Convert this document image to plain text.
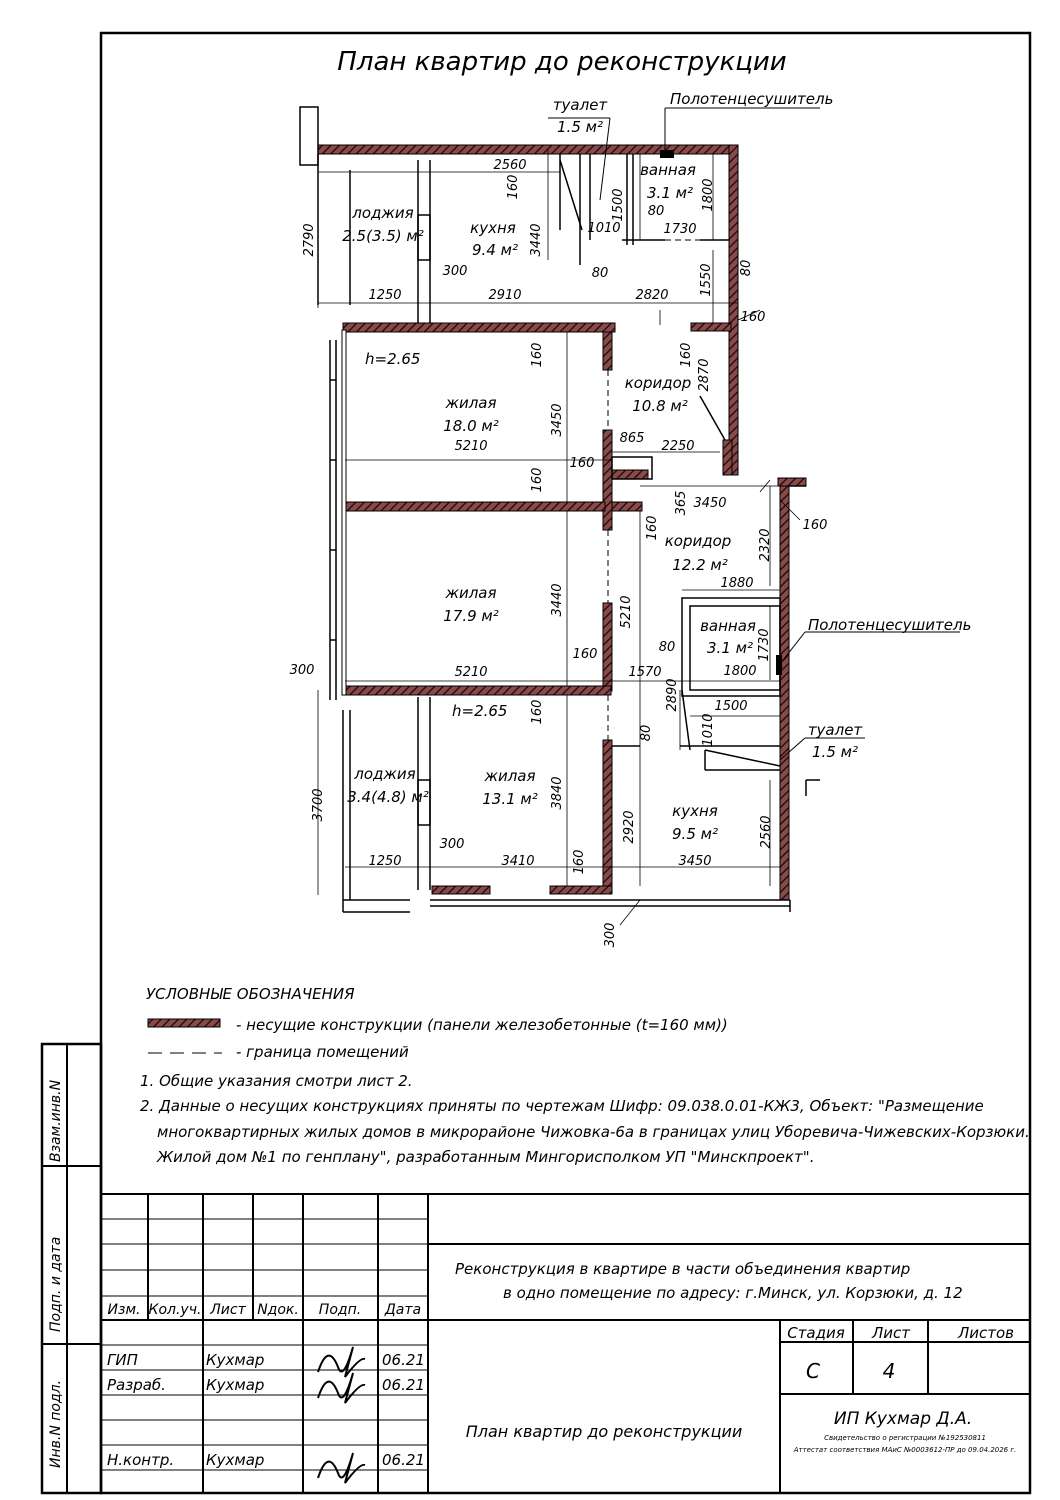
План квартир до реконструкции
Полотенцесушитель
Полотенцесушитель
туалет
1.5 м²
ванная
3.1 м²
лоджия
2.5(3.5) м²	кухня
9.4 м²
коридор
10.8 м²
жилая
18.0 м²
жилая
17.9 м²
коридор
12.2 м²
ванная
3.1 м²
туалет
1.5 м²
лоджия
3.4(4.8) м²
жилая
13.1 м²
кухня
9.5 м²
h=2.65
h=2.65
2560
1010
80
1730
300
1250	2910
80
2820
160
5210
865
2250
160
3450
160
1880
80
1800
160
1570
300	5210
1500
300
1250	3410	3450
160
1500	1800
3440
2790
1550 80
160	160
2870
3450
160
365
160
2320
3440	5210
1730
2890
1010
80
160
3840
3700
160
2920	2560
300
УСЛОВНЫЕ ОБОЗНАЧЕНИЯ
- несущие конструкции (панели железобетонные (t=160 мм))
- граница помещений
1. Общие указания смотри лист 2.
2. Данные о несущих конструкциях приняты по чертежам Шифр: 09.038.0.01-КЖ3, Объект: "Размещение
многоквартирных жилых домов в микрорайоне Чижовка-6а в границах улиц Уборевича-Чижевских-Корзюки.
Жилой дом №1 по генплану", разработанным Мингорисполком УП "Минскпроект".
Взам.инв.N
Подп. и дата
Инв.N подл.
Изм. Кол.уч. Лист Nдок. Подп. Дата
ГИП	Кухмар	06.21
Разраб.	Кухмар	06.21
Н.контр. Кухмар	06.21
Реконструкция в квартире в части объединения квартир
в одно помещение по адресу: г.Минск, ул. Корзюки, д. 12
Стадия Лист	Листов
С	4
План квартир до реконструкции
ИП Кухмар Д.А.
Свидетельство о регистрации №192530811
Аттестат соответствия МАиС №0003612-ПР до 09.04.2026 г.
